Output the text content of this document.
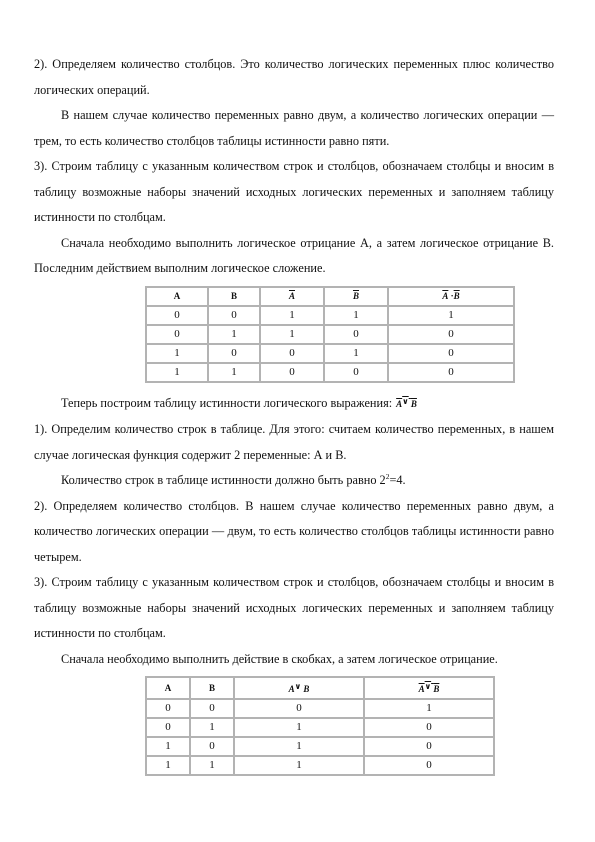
2). Определяем количество столбцов. Это количество логических переменных плюс количество логических операций.

В нашем случае количество переменных равно двум, а количество логических операции — трем, то есть количество столбцов таблицы истинности равно пяти.

3). Строим таблицу с указанным количеством строк и столбцов, обозначаем столбцы и вносим в таблицу возможные наборы значений исходных логических переменных и заполняем таблицу истинности по столбцам.

Сначала необходимо выполнить логическое отрицание А, а затем логическое отрицание В. Последним действием выполним логическое сложение.

A	B	$\overline{A}$	$\overline{B}$	$\overline{A} \cdot\overline{B}$
0	0	1	1	1
0	1	1	0	0
1	0	0	1	0
1	1	0	0	0

Теперь построим таблицу истинности логического выражения: A∨ B

1). Определим количество строк в таблице. Для этого: считаем количество переменных, в нашем случае логическая функция содержит 2 переменные: А и В.

Количество строк в таблице истинности должно быть равно $2^2=4$.

2). Определяем количество столбцов. В нашем случае количество переменных равно двум, а количество логических операции — двум, то есть количество столбцов таблицы истинности равно четырем.

3). Строим таблицу с указанным количеством строк и столбцов, обозначаем столбцы и вносим в таблицу возможные наборы значений исходных логических переменных и заполняем таблицу истинности по столбцам.

Сначала необходимо выполнить действие в скобках, а затем логическое отрицание.

A	B	A∨ B	A∨ B
0	0	0	1
0	1	1	0
1	0	1	0
1	1	1	0
